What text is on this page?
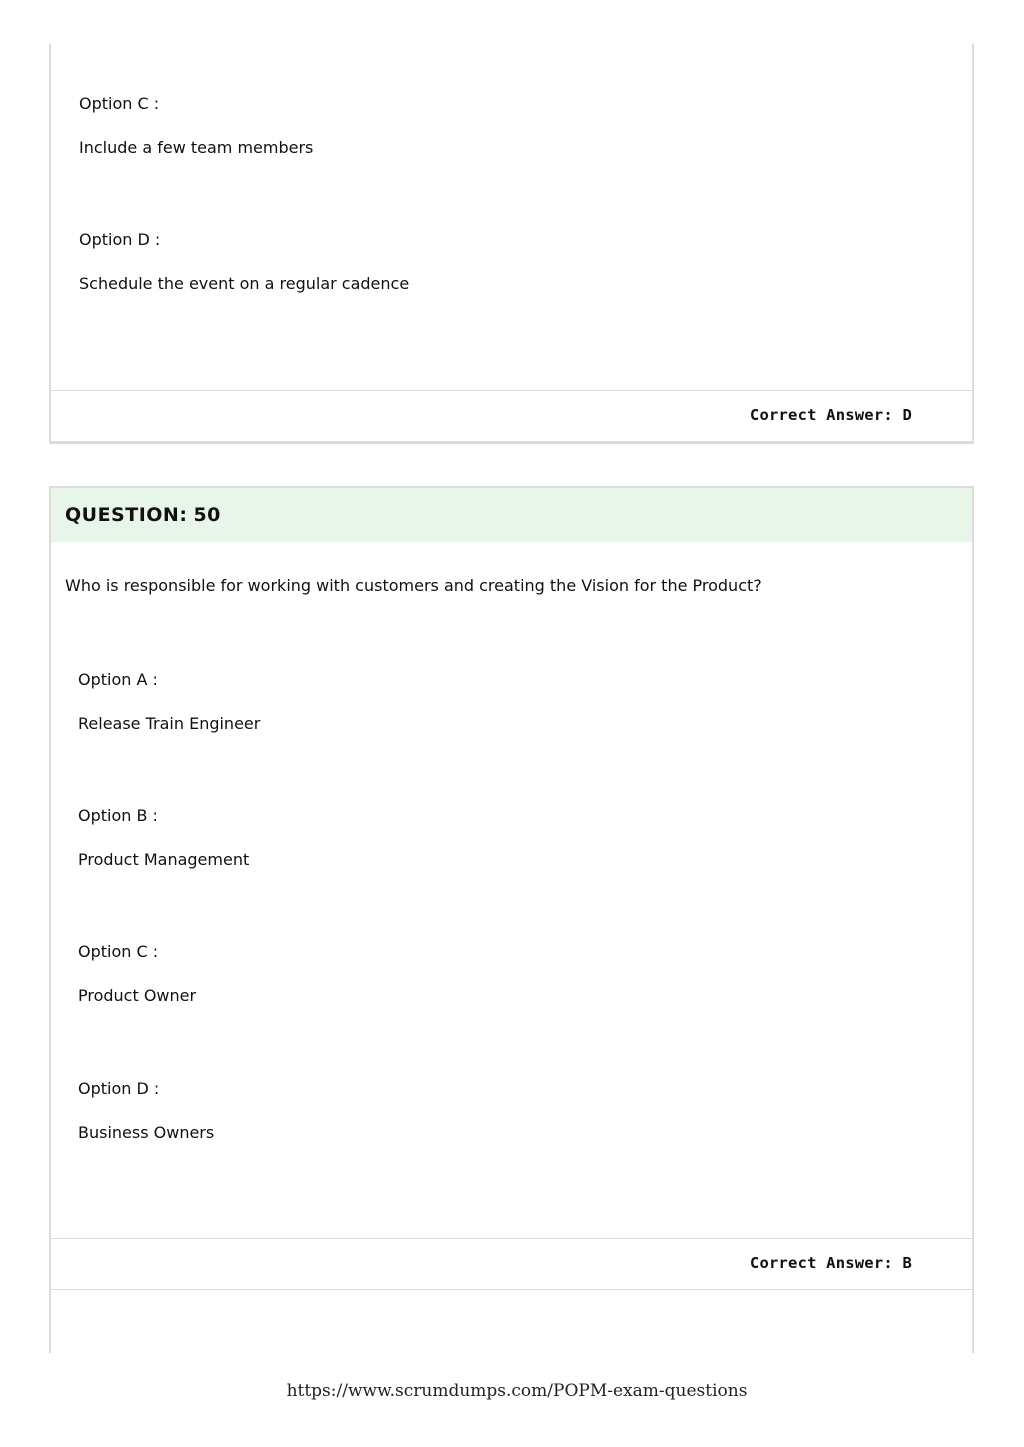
Option C :
Include a few team members
Option D :
Schedule the event on a regular cadence
Correct Answer: D
QUESTION: 50
Who is responsible for working with customers and creating the Vision for the Product?
Option A :
Release Train Engineer
Option B :
Product Management
Option C :
Product Owner
Option D :
Business Owners
Correct Answer: B
https://www.scrumdumps.com/POPM-exam-questions
